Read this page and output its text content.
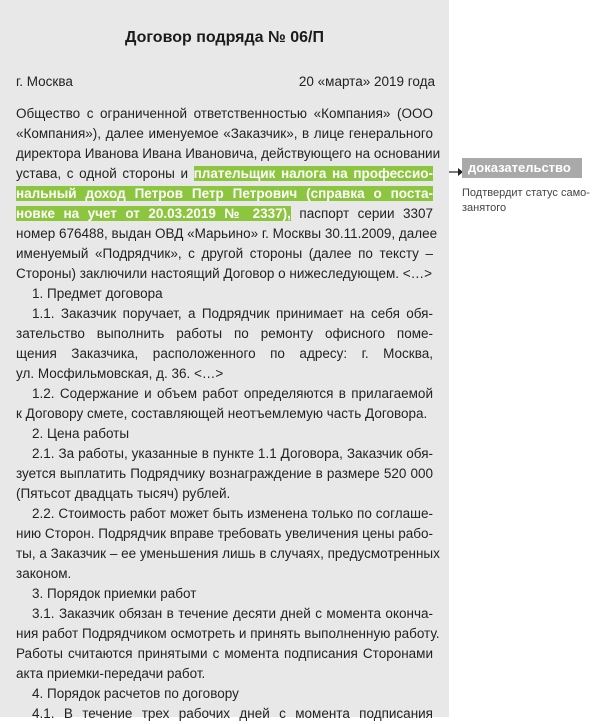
Договор подряда № 06/П
г. Москва	20 «марта» 2019 года
Общество с ограниченной ответственностью «Компания» (ООО
«Компания»), далее именуемое «Заказчик», в лице генерального
директора Иванова Ивана Ивановича, действующего на основании
устава, с одной стороны и плательщик налога на профессио-
нальный доход Петров Петр Петрович (справка о поста-
новке на учет от 20.03.2019 № 2337), паспорт серии 3307
номер 676488, выдан ОВД «Марьино» г. Москвы 30.11.2009, далее
именуемый «Подрядчик», с другой стороны (далее по тексту –
Стороны) заключили настоящий Договор о нижеследующем. <…>
1. Предмет договора
1.1. Заказчик поручает, а Подрядчик принимает на себя обя-
зательство выполнить работы по ремонту офисного поме-
щения Заказчика, расположенного по адресу: г. Москва,
ул. Мосфильмовская, д. 36. <…>
1.2. Содержание и объем работ определяются в прилагаемой
к Договору смете, составляющей неотъемлемую часть Договора.
2. Цена работы
2.1. За работы, указанные в пункте 1.1 Договора, Заказчик обя-
зуется выплатить Подрядчику вознаграждение в размере 520 000
(Пятьсот двадцать тысяч) рублей.
2.2. Стоимость работ может быть изменена только по соглаше-
нию Сторон. Подрядчик вправе требовать увеличения цены рабо-
ты, а Заказчик – ее уменьшения лишь в случаях, предусмотренных
законом.
3. Порядок приемки работ
3.1. Заказчик обязан в течение десяти дней с момента оконча-
ния работ Подрядчиком осмотреть и принять выполненную работу.
Работы считаются принятыми с момента подписания Сторонами
акта приемки-передачи работ.
4. Порядок расчетов по договору
4.1. В течение трех рабочих дней с момента подписания
доказательство
Подтвердит статус само-занятого
